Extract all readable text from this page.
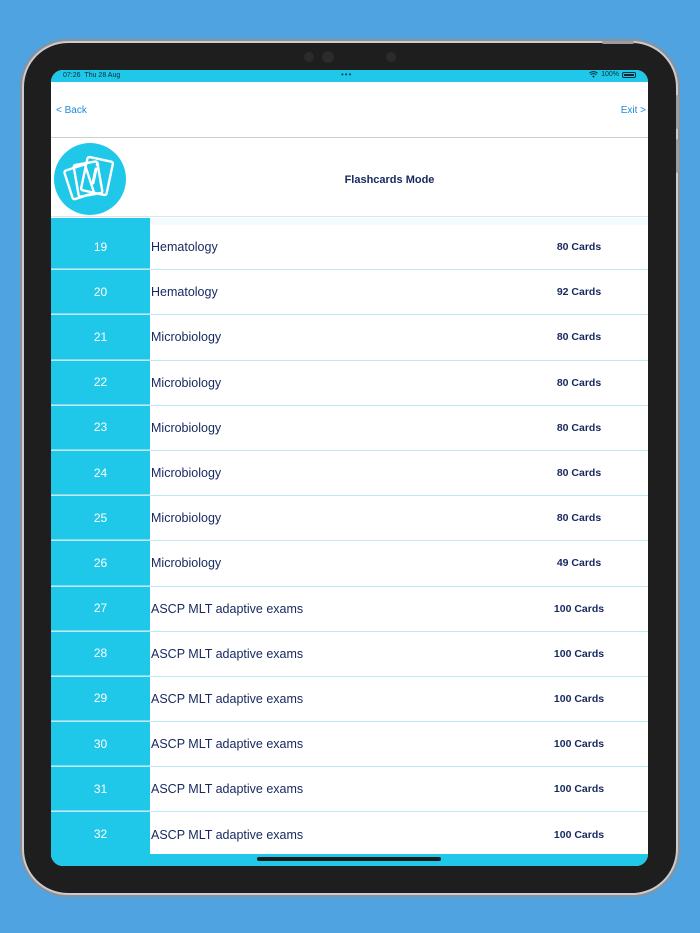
07:26 Thu 28 Aug	•••	100%
< Back	Exit >
Flashcards Mode
19	Hematology	80 Cards
20	Hematology	92 Cards
21	Microbiology	80 Cards
22	Microbiology	80 Cards
23	Microbiology	80 Cards
24	Microbiology	80 Cards
25	Microbiology	80 Cards
26	Microbiology	49 Cards
27	ASCP MLT adaptive exams	100 Cards
28	ASCP MLT adaptive exams	100 Cards
29	ASCP MLT adaptive exams	100 Cards
30	ASCP MLT adaptive exams	100 Cards
31	ASCP MLT adaptive exams	100 Cards
32	ASCP MLT adaptive exams	100 Cards
